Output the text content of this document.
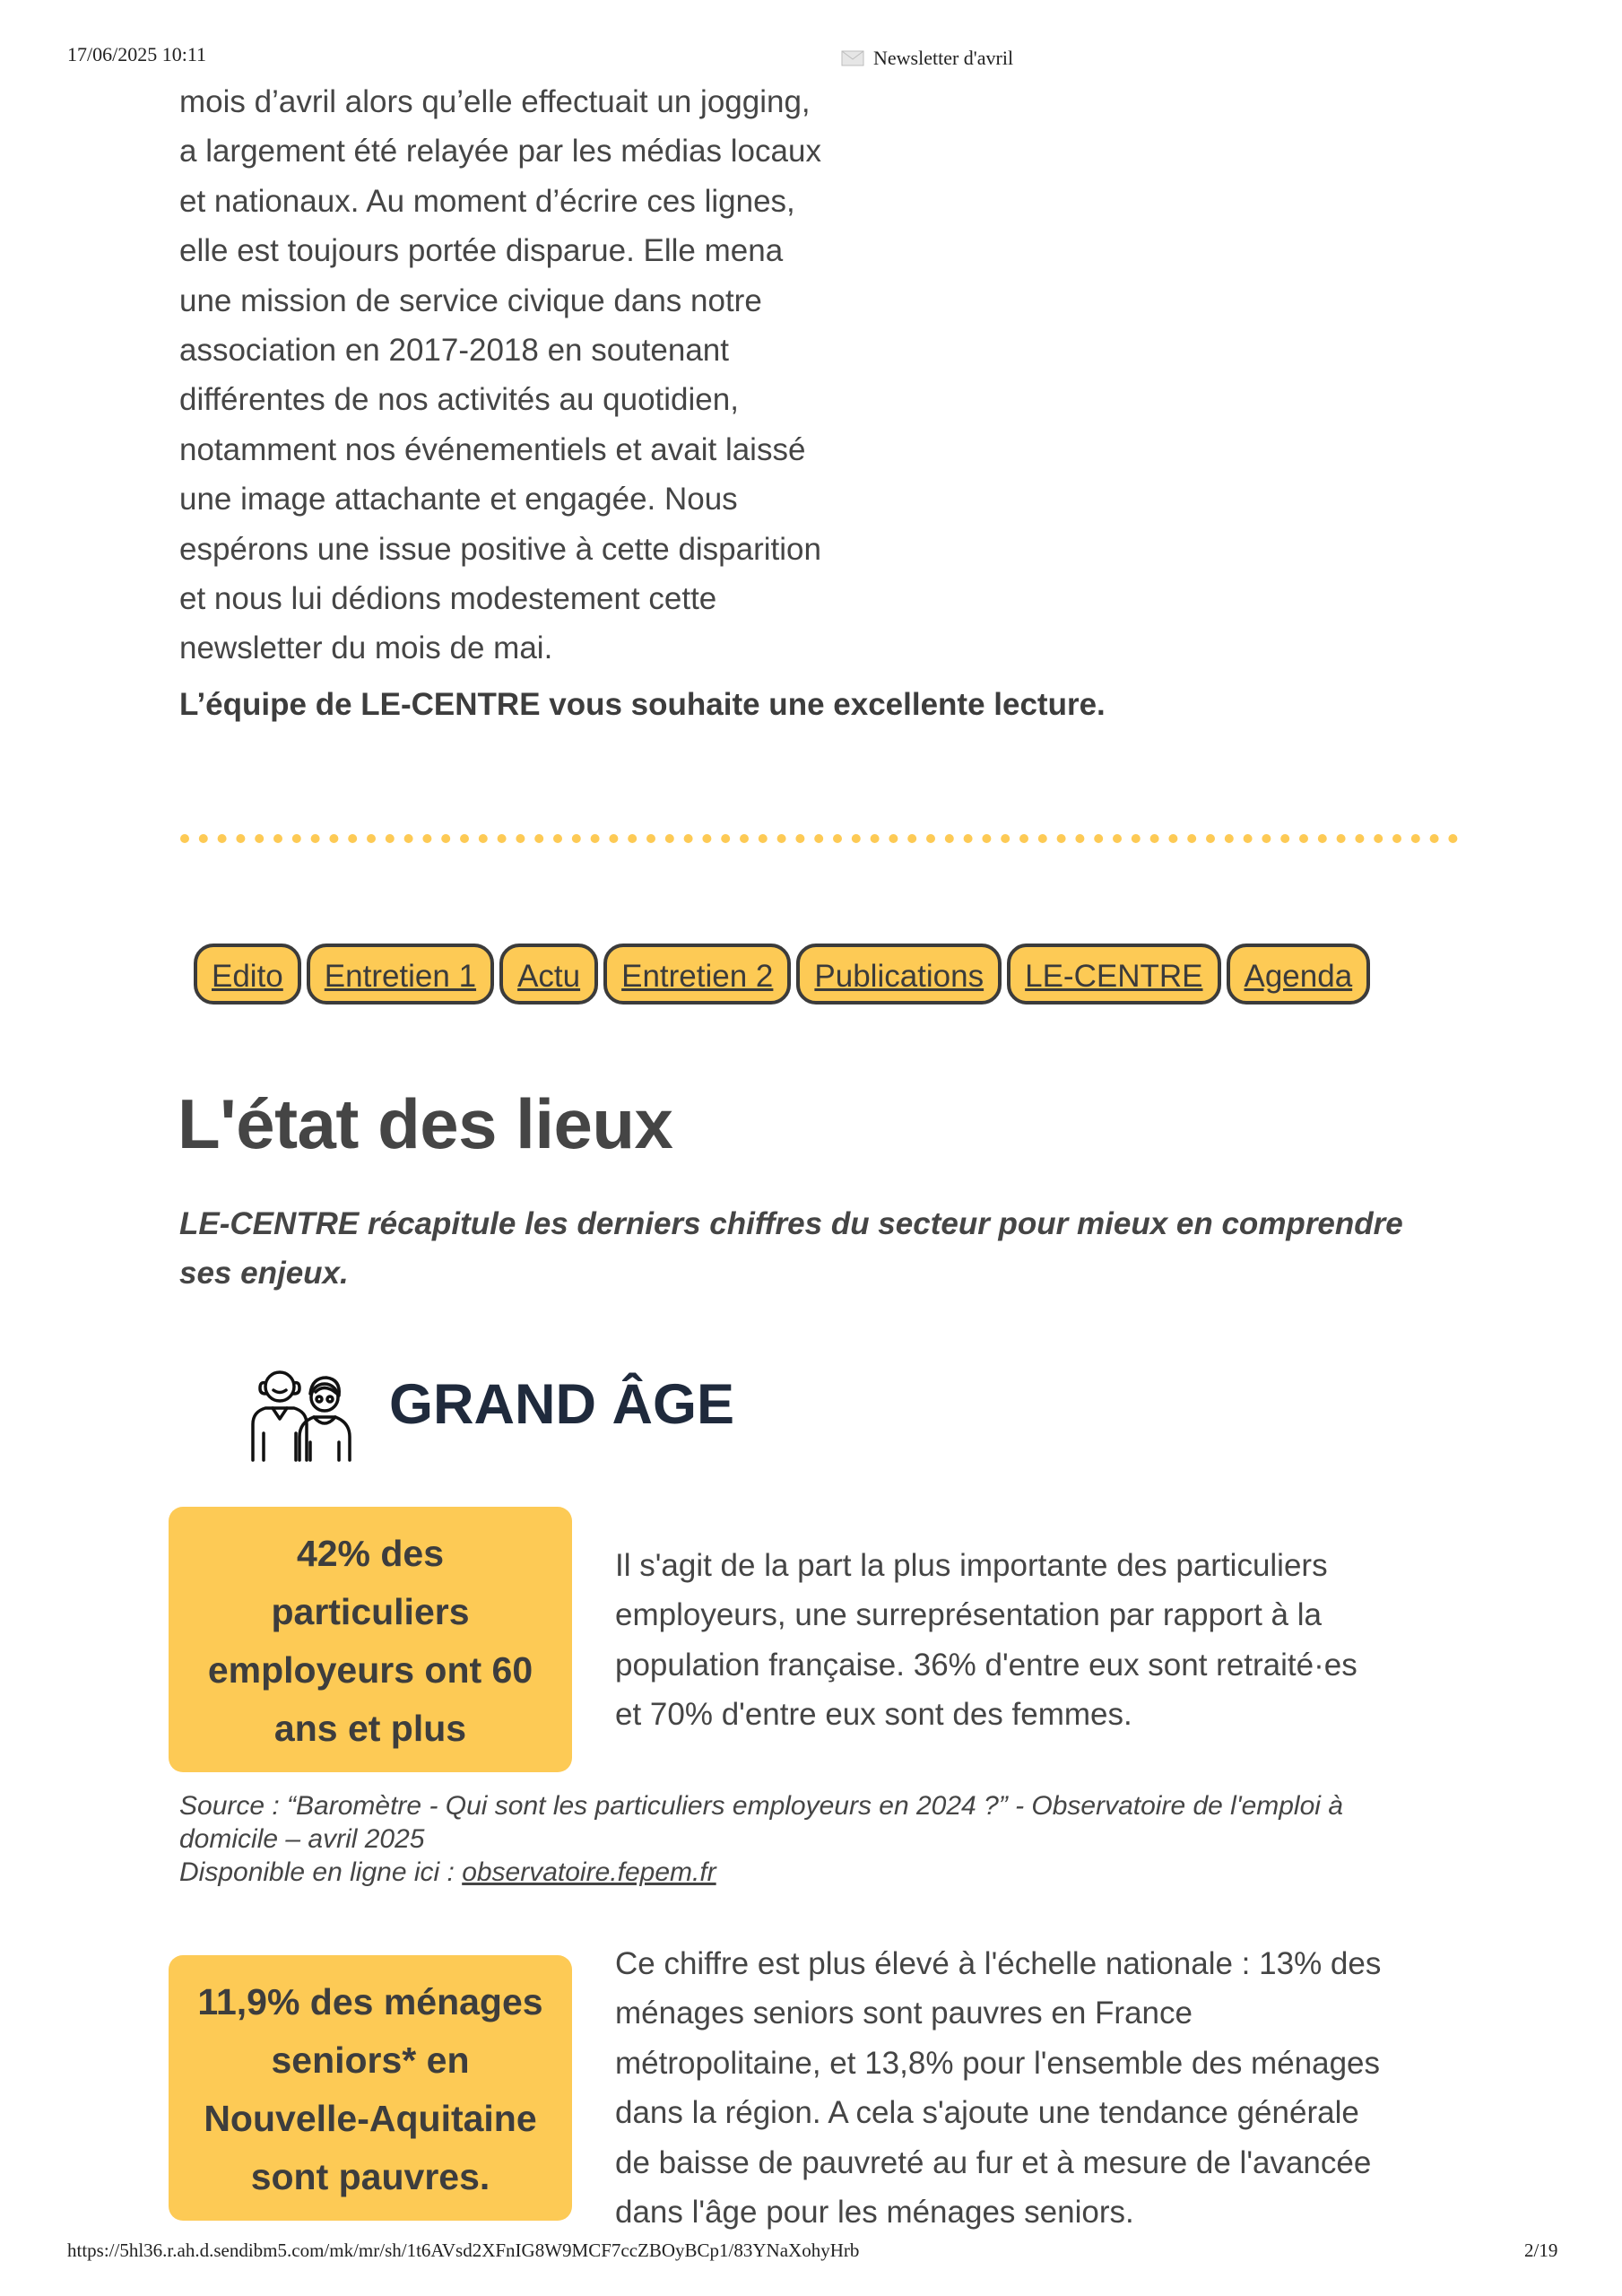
17/06/2025 10:11	Newsletter d'avril

mois d’avril alors qu’elle effectuait un jogging,

a largement été relayée par les médias locaux

et nationaux. Au moment d’écrire ces lignes,

elle est toujours portée disparue. Elle mena

une mission de service civique dans notre

association en 2017-2018 en soutenant

différentes de nos activités au quotidien,

notamment nos événementiels et avait laissé

une image attachante et engagée. Nous

espérons une issue positive à cette disparition

et nous lui dédions modestement cette

newsletter du mois de mai.

L’équipe de LE-CENTRE vous souhaite une excellente lecture.
Edito	Entretien 1	Actu	Entretien 2	Publications	LE-CENTRE	Agenda
L'état des lieux

LE-CENTRE récapitule les derniers chiffres du secteur pour mieux en comprendre ses enjeux.

GRAND ÂGE
42% des
particuliers
employeurs ont 60
ans et plus
Il s'agit de la part la plus importante des particuliers
employeurs, une surreprésentation par rapport à la
population française. 36% d'entre eux sont retraité·es
et 70% d'entre eux sont des femmes.

Source : “Baromètre - Qui sont les particuliers employeurs en 2024 ?” - Observatoire de l'emploi à

domicile – avril 2025

Disponible en ligne ici : observatoire.fepem.fr

11,9% des ménages
seniors* en
Nouvelle-Aquitaine
sont pauvres.
Ce chiffre est plus élevé à l'échelle nationale : 13% des
ménages seniors sont pauvres en France
métropolitaine, et 13,8% pour l'ensemble des ménages
dans la région. A cela s'ajoute une tendance générale
de baisse de pauvreté au fur et à mesure de l'avancée
dans l'âge pour les ménages seniors.
https://5hl36.r.ah.d.sendibm5.com/mk/mr/sh/1t6AVsd2XFnIG8W9MCF7ccZBOyBCp1/83YNaXohyHrb	2/19
